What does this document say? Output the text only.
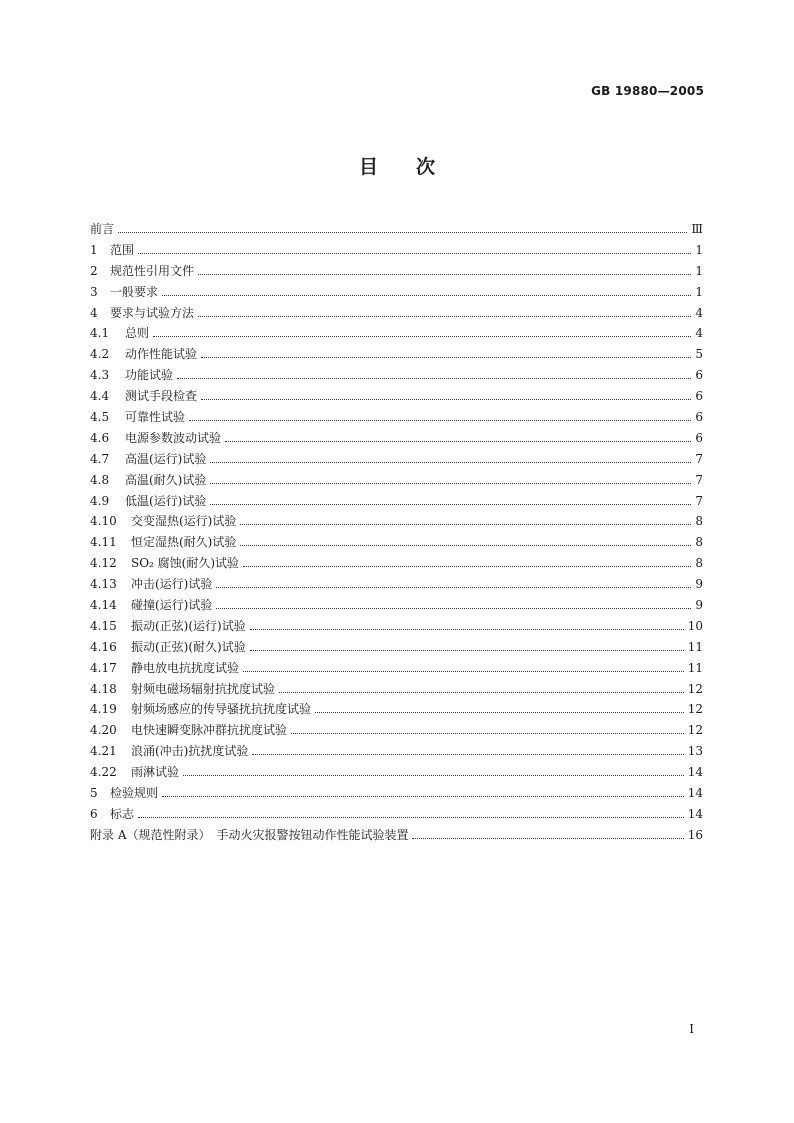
GB 19880—2005
目次
前言	Ⅲ
1	范围	1
2	规范性引用文件	1
3	一般要求	1
4	要求与试验方法	4
4.1	总则	4
4.2	动作性能试验	5
4.3	功能试验	6
4.4	测试手段检查	6
4.5	可靠性试验	6
4.6	电源参数波动试验	6
4.7	高温(运行)试验	7
4.8	高温(耐久)试验	7
4.9	低温(运行)试验	7
4.10	交变湿热(运行)试验	8
4.11	恒定湿热(耐久)试验	8
4.12	SO₂ 腐蚀(耐久)试验	8
4.13	冲击(运行)试验	9
4.14	碰撞(运行)试验	9
4.15	振动(正弦)(运行)试验	10
4.16	振动(正弦)(耐久)试验	11
4.17	静电放电抗扰度试验	11
4.18	射频电磁场辐射抗扰度试验	12
4.19	射频场感应的传导骚扰抗扰度试验	12
4.20	电快速瞬变脉冲群抗扰度试验	12
4.21	浪涌(冲击)抗扰度试验	13
4.22	雨淋试验	14
5	检验规则	14
6	标志	14
附录 A（规范性附录）　手动火灾报警按钮动作性能试验装置	16
I
